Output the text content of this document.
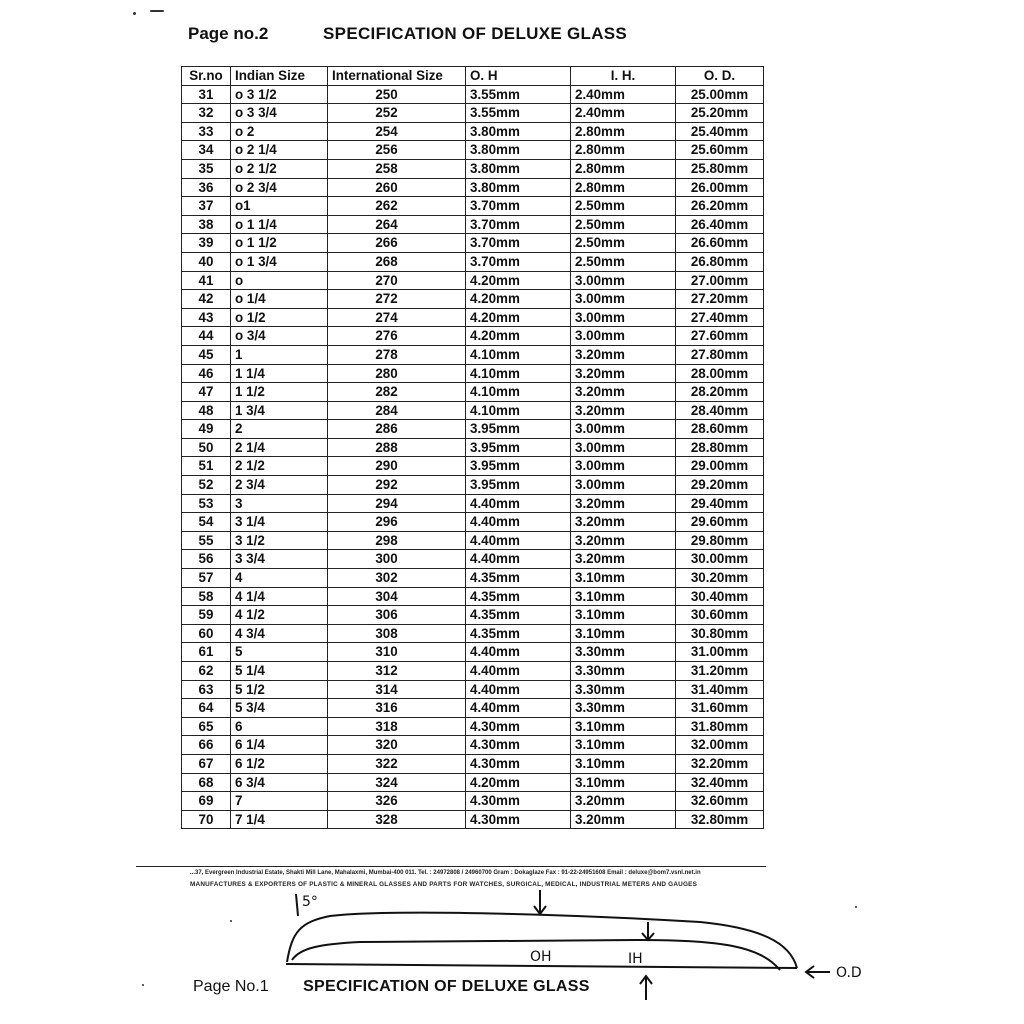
Page no.2	SPECIFICATION OF DELUXE GLASS
Sr.no	Indian Size	International Size	O. H	I. H.	O. D.
31	o 3 1/2	250	3.55mm	2.40mm	25.00mm
32	o 3 3/4	252	3.55mm	2.40mm	25.20mm
33	o 2	254	3.80mm	2.80mm	25.40mm
34	o 2 1/4	256	3.80mm	2.80mm	25.60mm
35	o 2 1/2	258	3.80mm	2.80mm	25.80mm
36	o 2 3/4	260	3.80mm	2.80mm	26.00mm
37	o1	262	3.70mm	2.50mm	26.20mm
38	o 1 1/4	264	3.70mm	2.50mm	26.40mm
39	o 1 1/2	266	3.70mm	2.50mm	26.60mm
40	o 1 3/4	268	3.70mm	2.50mm	26.80mm
41	o	270	4.20mm	3.00mm	27.00mm
42	o 1/4	272	4.20mm	3.00mm	27.20mm
43	o 1/2	274	4.20mm	3.00mm	27.40mm
44	o 3/4	276	4.20mm	3.00mm	27.60mm
45	1	278	4.10mm	3.20mm	27.80mm
46	1 1/4	280	4.10mm	3.20mm	28.00mm
47	1 1/2	282	4.10mm	3.20mm	28.20mm
48	1 3/4	284	4.10mm	3.20mm	28.40mm
49	2	286	3.95mm	3.00mm	28.60mm
50	2 1/4	288	3.95mm	3.00mm	28.80mm
51	2 1/2	290	3.95mm	3.00mm	29.00mm
52	2 3/4	292	3.95mm	3.00mm	29.20mm
53	3	294	4.40mm	3.20mm	29.40mm
54	3 1/4	296	4.40mm	3.20mm	29.60mm
55	3 1/2	298	4.40mm	3.20mm	29.80mm
56	3 3/4	300	4.40mm	3.20mm	30.00mm
57	4	302	4.35mm	3.10mm	30.20mm
58	4 1/4	304	4.35mm	3.10mm	30.40mm
59	4 1/2	306	4.35mm	3.10mm	30.60mm
60	4 3/4	308	4.35mm	3.10mm	30.80mm
61	5	310	4.40mm	3.30mm	31.00mm
62	5 1/4	312	4.40mm	3.30mm	31.20mm
63	5 1/2	314	4.40mm	3.30mm	31.40mm
64	5 3/4	316	4.40mm	3.30mm	31.60mm
65	6	318	4.30mm	3.10mm	31.80mm
66	6 1/4	320	4.30mm	3.10mm	32.00mm
67	6 1/2	322	4.30mm	3.10mm	32.20mm
68	6 3/4	324	4.20mm	3.10mm	32.40mm
69	7	326	4.30mm	3.20mm	32.60mm
70	7 1/4	328	4.30mm	3.20mm	32.80mm
...37, Evergreen Industrial Estate, Shakti Mill Lane, Mahalaxmi, Mumbai-400 011. Tel. : 24972808 / 24960700 Gram : Dokaglaze Fax : 91-22-24951608 Email : deluxe@bom7.vsnl.net.in
MANUFACTURES & EXPORTERS OF PLASTIC & MINERAL GLASSES AND PARTS FOR WATCHES, SURGICAL, MEDICAL, INDUSTRIAL METERS AND GAUGES
5°
OH	IH
O.D
Page No.1 SPECIFICATION OF DELUXE GLASS
